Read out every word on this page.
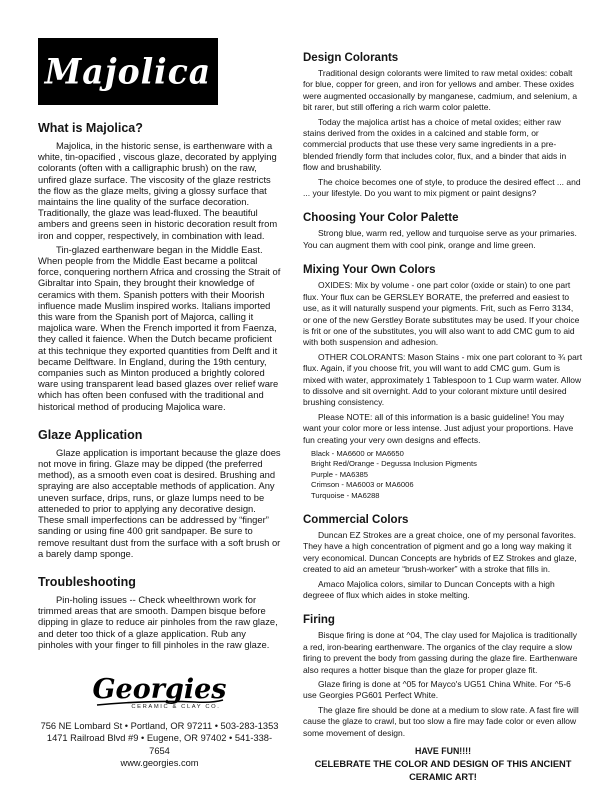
Majolica
What is Majolica?

Majolica, in the historic sense, is earthenware with a white, tin-opacified , viscous glaze, decorated by applying colorants (often with a calligraphic brush) on the raw, unfired glaze surface. The viscosity of the glaze restricts the flow as the glaze melts, giving a glossy surface that maintains the line quality of the surface decoration. Traditionally, the glaze was lead-fluxed. The beautiful ambers and greens seen in historic decoration result from iron and copper, respectively, in combination with lead.

Tin-glazed earthenware began in the Middle East. When people from the Middle East became a politcal force, conquering northern Africa and crossing the Strait of Gibraltar into Spain, they brought their knowledge of ceramics with them. Spanish potters with their Moorish influence made Muslim inspired works. Italians imported this ware from the Spanish port of Majorca, calling it majolica ware. When the French imported it from Faenza, they called it faience. When the Dutch became proficient at this technique they exported quantities from Delft and it became Delftware. In England, during the 19th century, companies such as Minton produced a brightly colored ware using transparent lead based glazes over relief ware which has often been confused with the traditional and historical method of producing Majolica ware.

Glaze Application

Glaze application is important because the glaze does not move in firing. Glaze may be dipped (the preferred method), as a smooth even coat is desired. Brushing and spraying are also acceptable methods of application. Any uneven surface, drips, runs, or glaze lumps need to be atteneded to prior to applying any decorative design. These small imperfections can be addressed by “finger” sanding or using fine 400 grit sandpaper. Be sure to remove resultant dust from the surface with a soft brush or a barely damp sponge.

Troubleshooting

Pin-holing issues -- Check wheelthrown work for trimmed areas that are smooth. Dampen bisque before dipping in glaze to reduce air pinholes from the raw glaze, and deter too thick of a glaze application. Rub any pinholes with your finger to fill pinholes in the raw glaze.

Georgies
CERAMIC & CLAY CO.
756 NE Lombard St • Portland, OR 97211 • 503-283-1353
1471 Railroad Blvd #9 • Eugene, OR 97402 • 541-338-7654
www.georgies.com
Design Colorants

Traditional design colorants were limited to raw metal oxides: cobalt for blue, copper for green, and iron for yellows and amber. These oxides were augmented occasionally by manganese, cadmium, and selenium, a bit rarer, but still offering a rich warm color palette.

Today the majolica artist has a choice of metal oxides; either raw stains derived from the oxides in a calcined and stable form, or commercial products that use these very same ingredients in a pre-blended friendly form that includes color, flux, and a binder that aids in flow and brushability.

The choice becomes one of style, to produce the desired effect ... and ... your lifestyle. Do you want to mix pigment or paint designs?

Choosing Your Color Palette

Strong blue, warm red, yellow and turquoise serve as your primaries. You can augment them with cool pink, orange and lime green.

Mixing Your Own Colors

OXIDES: Mix by volume - one part color (oxide or stain) to one part flux. Your flux can be GERSLEY BORATE, the preferred and easiest to use, as it will naturally suspend your pigments. Frit, such as Ferro 3134, or one of the new Gerstley Borate substitutes may be used. If your choice is frit or one of the substitutes, you will also want to add CMC gum to aid with both suspension and adhesion.

OTHER COLORANTS: Mason Stains - mix one part colorant to ¾ part flux. Again, if you choose frit, you will want to add CMC gum. Gum is mixed with water, approximately 1 Tablespoon to 1 Cup warm water. Allow to dissolve and sit overnight. Add to your colorant mixture until desired brushing consistency.

Please NOTE: all of this information is a basic guideline! You may want your color more or less intense. Just adjust your proportions. Have fun creating your very own designs and effects.

Black - MA6600 or MA6650
Bright Red/Orange - Degussa Inclusion Pigments
Purple - MA6385
Crimson - MA6003 or MA6006
Turquoise - MA6288
Commercial Colors

Duncan EZ Strokes are a great choice, one of my personal favorites. They have a high concentration of pigment and go a long way making it very economical. Duncan Concepts are hybrids of EZ Strokes and glaze, created to aid an ameteur “brush-worker” with a stroke that fills in.

Amaco Majolica colors, similar to Duncan Concepts with a high degreee of flux which aides in stoke melting.

Firing

Bisque firing is done at ^04, The clay used for Majolica is traditionally a red, iron-bearing earthenware. The organics of the clay require a slow firing to prevent the body from gassing during the glaze fire. Earthenware also requres a hotter bisque than the glaze for proper glaze fit.

Glaze firing is done at ^05 for Mayco's UG51 China White. For ^5-6 use Georgies PG601 Perfect White.

The glaze fire should be done at a medium to slow rate. A fast fire will cause the glaze to crawl, but too slow a fire may fade color or even allow some movement of design.

HAVE FUN!!!!
CELEBRATE THE COLOR AND DESIGN OF THIS ANCIENT CERAMIC ART!
